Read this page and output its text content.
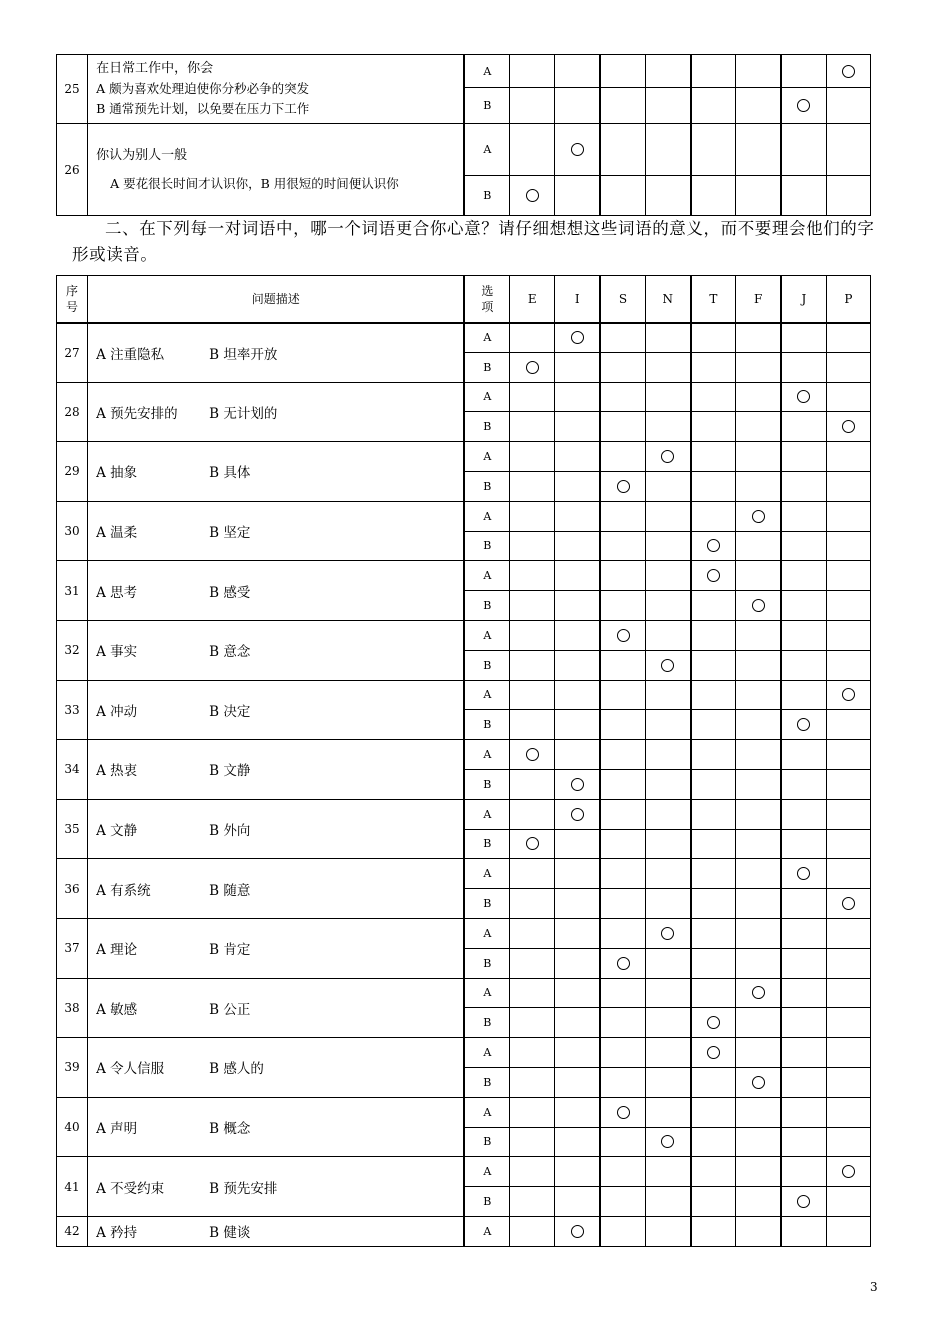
25	在日常工作中，你会
A 颇为喜欢处理迫使你分秒必争的突发
B 通常预先计划，以免要在压力下工作	A								
		B								
26	你认为别人一般
A 要花很长时间才认识你，B 用很短的时间便认识你	A								
		B								

二、在下列每一对词语中，哪一个词语更合你心意？请仔细想想这些词语的意义，而不要理会他们的字形或读音。

序号	问题描述	选项	E	I	S	N	T	F	J	P
27	A 注重隐私 B 坦率开放	A								
		B								
28	A 预先安排的 B 无计划的	A								
		B								
29	A 抽象 B 具体	A								
		B								
30	A 温柔 B 坚定	A								
		B								
31	A 思考 B 感受	A								
		B								
32	A 事实 B 意念	A								
		B								
33	A 冲动 B 决定	A								
		B								
34	A 热衷 B 文静	A								
		B								
35	A 文静 B 外向	A								
		B								
36	A 有系统 B 随意	A								
		B								
37	A 理论 B 肯定	A								
		B								
38	A 敏感 B 公正	A								
		B								
39	A 令人信服 B 感人的	A								
		B								
40	A 声明 B 概念	A								
		B								
41	A 不受约束 B 预先安排	A								
		B								
42	A 矜持 B 健谈	A								
3
